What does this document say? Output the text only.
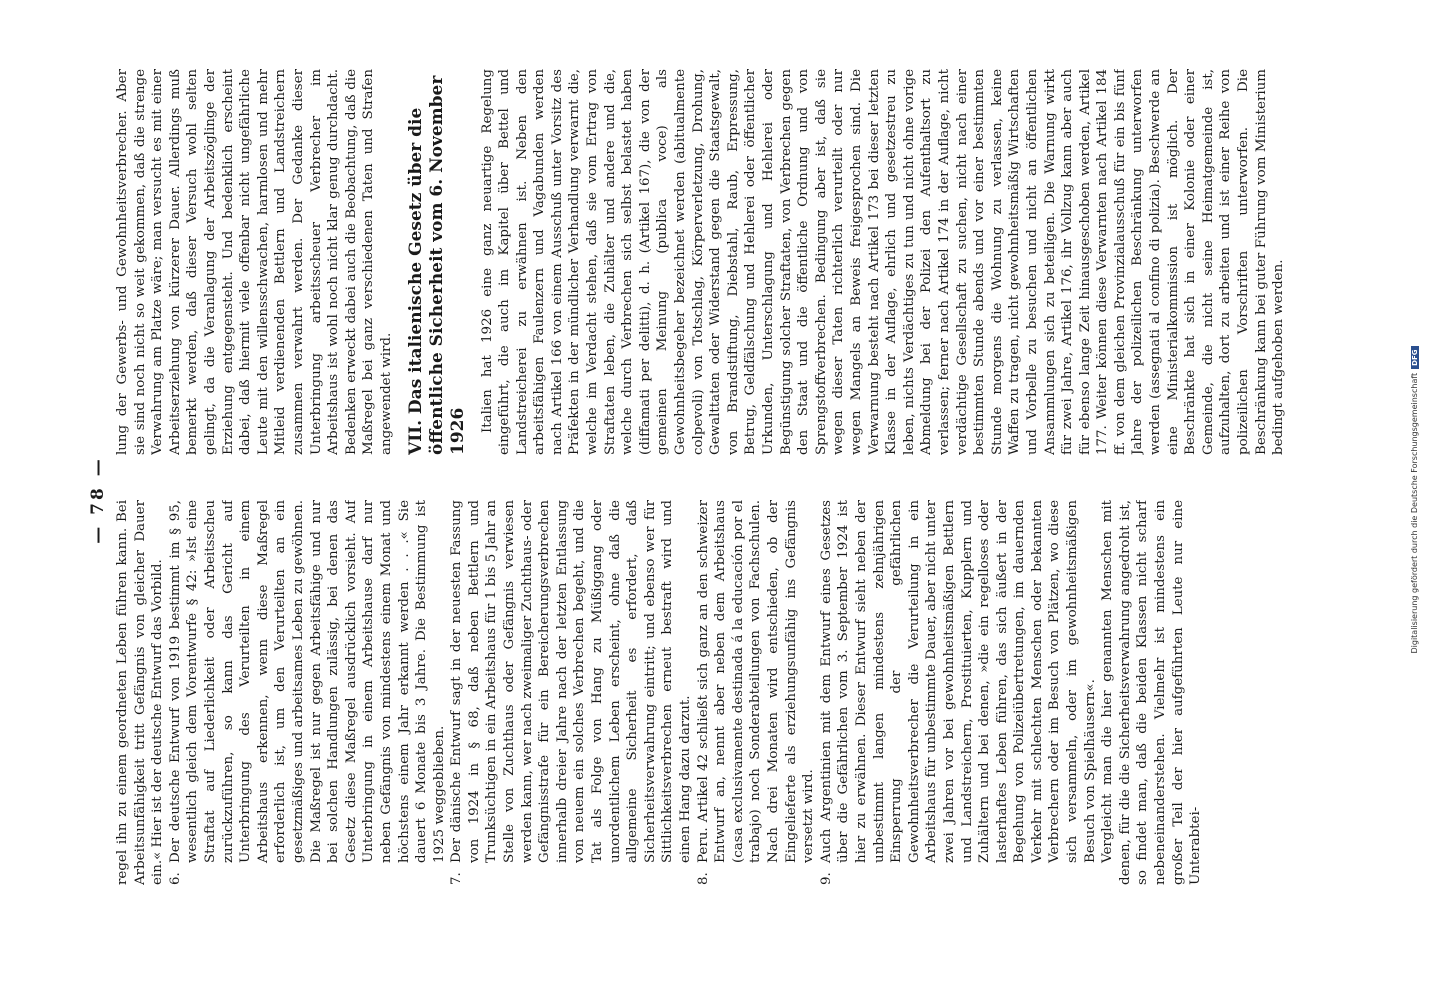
— 78 — regel ihn zu einem geordneten Leben führen kann. Bei Arbeitsunfähigkeit tritt Gefängnis von gleicher Dauer ein.« Hier ist der deutsche Entwurf das Vorbild. 6.

Der deutsche Entwurf von 1919 bestimmt im § 95, wesentlich gleich dem Vorentwurfe § 42: »Ist eine Straftat auf Liederlichkeit oder Arbeitsscheu zurückzuführen, so kann das Gericht auf Unterbringung des Verurteilten in einem Arbeitshaus erkennen, wenn diese Maßregel erforderlich ist, um den Verurteilten an ein gesetzmäßiges und arbeitsames Leben zu gewöhnen. Die Maßregel ist nur gegen Arbeitsfähige und nur bei solchen Handlungen zulässig, bei denen das Gesetz diese Maßregel ausdrücklich vorsieht. Auf Unterbringung in einem Arbeitshause darf nur neben Gefängnis von mindestens einem Monat und höchstens einem Jahr erkannt werden . . .« Sie dauert 6 Monate bis 3 Jahre. Die Bestimmung ist 1925 weggeblieben.

7.

Der dänische Entwurf sagt in der neuesten Fassung von 1924 in § 68, daß neben Bettlern und Trunksüchtigen in ein Arbeitshaus für 1 bis 5 Jahr an Stelle von Zuchthaus oder Gefängnis verwiesen werden kann, wer nach zweimaliger Zuchthaus- oder Gefängnisstrafe für ein Bereicherungsverbrechen innerhalb dreier Jahre nach der letzten Entlassung von neuem ein solches Verbrechen begeht, und die Tat als Folge von Hang zu Müßiggang oder unordentlichem Leben erscheint, ohne daß die allgemeine Sicherheit es erfordert, daß Sicherheitsverwahrung eintritt; und ebenso wer für Sittlichkeitsverbrechen erneut bestraft wird und einen Hang dazu darzut.

8.

Peru. Artikel 42 schließt sich ganz an den schweizer Entwurf an, nennt aber neben dem Arbeitshaus (casa exclusivamente destinada á la educación por el trabajo) noch Sonderabteilungen von Fachschulen. Nach drei Monaten wird entschieden, ob der Eingelieferte als erziehungsunfähig ins Gefängnis versetzt wird.

9.

Auch Argentinien mit dem Entwurf eines Gesetzes über die Gefährlichen vom 3. September 1924 ist hier zu erwähnen. Dieser Entwurf sieht neben der unbestimmt langen mindestens zehnjährigen Einsperrung der gefährlichen Gewohnheitsverbrecher die Verurteilung in ein Arbeitshaus für unbestimmte Dauer, aber nicht unter zwei Jahren vor bei gewohnheitsmäßigen Bettlern und Landstreichern, Prostituierten, Kupplern und Zuhältern und bei denen, »die ein regelloses oder lasterhaftes Leben führen, das sich äußert in der Begehung von Polizeiübertretungen, im dauernden Verkehr mit schlechten Menschen oder bekannten Verbrechern oder im Besuch von Plätzen, wo diese sich versammeln, oder im gewohnheitsmäßigen Besuch von Spielhäusern«. Vergleicht man die hier genannten Menschen mit denen, für die die Sicherheitsverwahrung angedroht ist, so findet man, daß die beiden Klassen nicht scharf nebeneinanderstehen. Vielmehr ist mindestens ein großer Teil der hier aufgeführten Leute nur eine Unterabtei-

lung der Gewerbs- und Gewohnheitsverbrecher. Aber sie sind noch nicht so weit gekommen, daß die strenge Verwahrung am Platze wäre; man versucht es mit einer Arbeitserziehung von kürzerer Dauer. Allerdings muß bemerkt werden, daß dieser Versuch wohl selten gelingt, da die Veranlagung der Arbeitszöglinge der Erziehung entgegensteht. Und bedenklich erscheint dabei, daß hiermit viele offenbar nicht ungefährliche Leute mit den willensschwachen, harmlosen und mehr Mitleid verdienenden Bettlern und Landstreichern zusammen verwahrt werden. Der Gedanke dieser Unterbringung arbeitsscheuer Verbrecher im Arbeitshaus ist wohl noch nicht klar genug durchdacht. Bedenken erweckt dabei auch die Beobachtung, daß die Maßregel bei ganz verschiedenen Taten und Strafen angewendet wird. VII. Das italienische Gesetz über die öffentliche Sicherheit vom 6. November 1926 Italien hat 1926 eine ganz neuartige Regelung eingeführt, die auch im Kapitel über Bettel und Landstreicherei zu erwähnen ist. Neben den arbeitsfähigen Faulenzern und Vagabunden werden nach Artikel 166 von einem Ausschuß unter Vorsitz des Präfekten in der mündlicher Verhandlung verwarnt die, welche im Verdacht stehen, daß sie vom Ertrag von Straftaten leben, die Zuhälter und andere und die, welche durch Verbrechen sich selbst belastet haben (diffamati per delitti), d. h. (Artikel 167), die von der gemeinen Meinung (publica voce) als Gewohnheitsbegeher bezeichnet werden (abitualmente colpevoli) von Totschlag, Körperverletzung, Drohung, Gewalttaten oder Widerstand gegen die Staatsgewalt, von Brandstiftung, Diebstahl, Raub, Erpressung, Betrug, Geldfälschung und Hehlerei oder öffentlicher Urkunden, Unterschlagung und Hehlerei oder Begünstigung solcher Straftaten, von Verbrechen gegen den Staat und die öffentliche Ordnung und von Sprengstoffverbrechen. Bedingung aber ist, daß sie wegen dieser Taten richterlich verurteilt oder nur wegen Mangels an Beweis freigesprochen sind. Die Verwarnung besteht nach Artikel 173 bei dieser letzten Klasse in der Auflage, ehrlich und gesetzestreu zu leben, nichts Verdächtiges zu tun und nicht ohne vorige Abmeldung bei der Polizei den Aufenthaltsort zu verlassen; ferner nach Artikel 174 in der Auflage, nicht verdächtige Gesellschaft zu suchen, nicht nach einer bestimmten Stunde abends und vor einer bestimmten Stunde morgens die Wohnung zu verlassen, keine Waffen zu tragen, nicht gewohnheitsmäßig Wirtschaften und Vorbelle zu besuchen und nicht an öffentlichen Ansammlungen sich zu beteiligen. Die Warnung wirkt für zwei Jahre, Artikel 176, ihr Vollzug kann aber auch für ebenso lange Zeit hinausgeschoben werden, Artikel 177. Weiter können diese Verwarnten nach Artikel 184 ff. von dem gleichen Provinzialausschuß für ein bis fünf Jahre der polizeilichen Beschränkung unterworfen werden (assegnati al confino di polizia). Beschwerde an eine Ministerialkommission ist möglich. Der Beschränkte hat sich in einer Kolonie oder einer Gemeinde, die nicht seine Heimatgemeinde ist, aufzuhalten, dort zu arbeiten und ist einer Reihe von polizeilichen Vorschriften unterworfen. Die Beschränkung kann bei guter Führung vom Ministerium bedingt aufgehoben werden.

Digitalisierung gefördert durch die Deutsche ForschungsgemeinschaftDFG
